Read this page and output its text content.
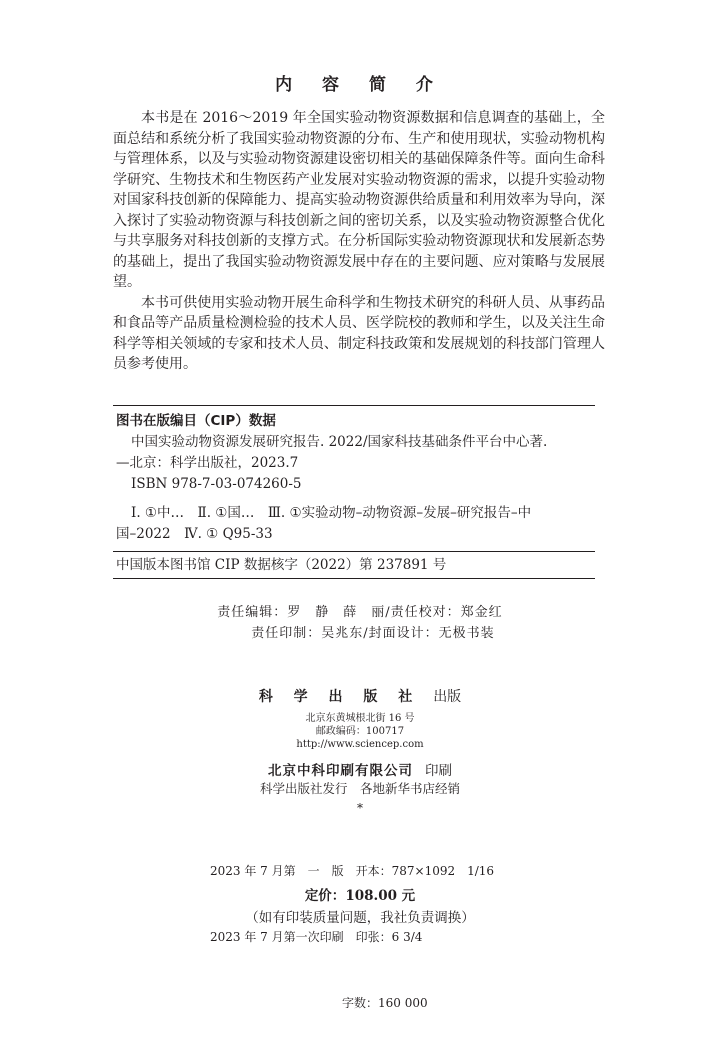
内 容 简 介

本书是在 2016～2019 年全国实验动物资源数据和信息调查的基础上，全面总结和系统分析了我国实验动物资源的分布、生产和使用现状，实验动物机构与管理体系，以及与实验动物资源建设密切相关的基础保障条件等。面向生命科学研究、生物技术和生物医药产业发展对实验动物资源的需求，以提升实验动物对国家科技创新的保障能力、提高实验动物资源供给质量和利用效率为导向，深入探讨了实验动物资源与科技创新之间的密切关系，以及实验动物资源整合优化与共享服务对科技创新的支撑方式。在分析国际实验动物资源现状和发展新态势的基础上，提出了我国实验动物资源发展中存在的主要问题、应对策略与发展展望。

本书可供使用实验动物开展生命科学和生物技术研究的科研人员、从事药品和食品等产品质量检测检验的技术人员、医学院校的教师和学生，以及关注生命科学等相关领域的专家和技术人员、制定科技政策和发展规划的科技部门管理人员参考使用。

图书在版编目（CIP）数据
中国实验动物资源发展研究报告. 2022/国家科技基础条件平台中心著.
—北京：科学出版社，2023.7
ISBN 978-7-03-074260-5
Ⅰ. ①中…　Ⅱ. ①国…　Ⅲ. ①实验动物–动物资源–发展–研究报告–中
国–2022　Ⅳ. ① Q95-33
中国版本图书馆 CIP 数据核字（2022）第 237891 号
责任编辑：罗　静　薛　丽/责任校对：郑金红
责任印制：吴兆东/封面设计：无极书装
科 学 出 版 社 出版
北京东黄城根北街 16 号
邮政编码：100717
http://www.sciencep.com
北京中科印刷有限公司 印刷
科学出版社发行　各地新华书店经销
*

2023 年 7 月第　一　版　开本：787×1092　1/16

2023 年 7 月第一次印刷　印张：6 3/4

　　　　　　　　　　　字数：160 000

定价：108.00 元
（如有印装质量问题，我社负责调换）
